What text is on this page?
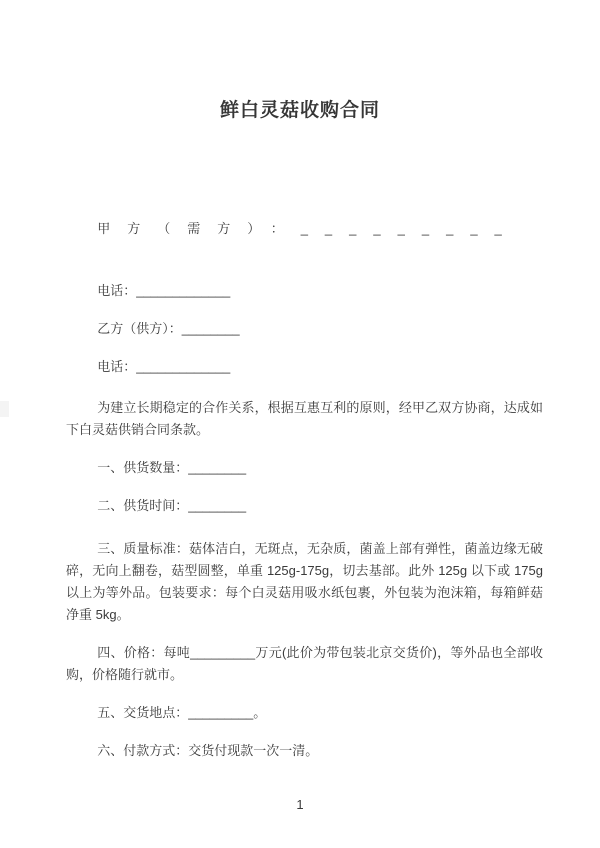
鲜白灵菇收购合同

甲方（需方）：_________

电话：_____________

乙方（供方）：________

电话：_____________

为建立长期稳定的合作关系，根据互惠互利的原则，经甲乙双方协商，达成如下白灵菇供销合同条款。

一、供货数量：________

二、供货时间：________

三、质量标准：菇体洁白，无斑点，无杂质，菌盖上部有弹性，菌盖边缘无破碎，无向上翻卷，菇型圆整，单重 125g-175g，切去基部。此外 125g 以下或 175g 以上为等外品。包装要求：每个白灵菇用吸水纸包裹，外包装为泡沫箱，每箱鲜菇净重 5kg。

四、价格：每吨_________万元(此价为带包装北京交货价)，等外品也全部收购，价格随行就市。

五、交货地点：_________。

六、付款方式：交货付现款一次一清。

1
